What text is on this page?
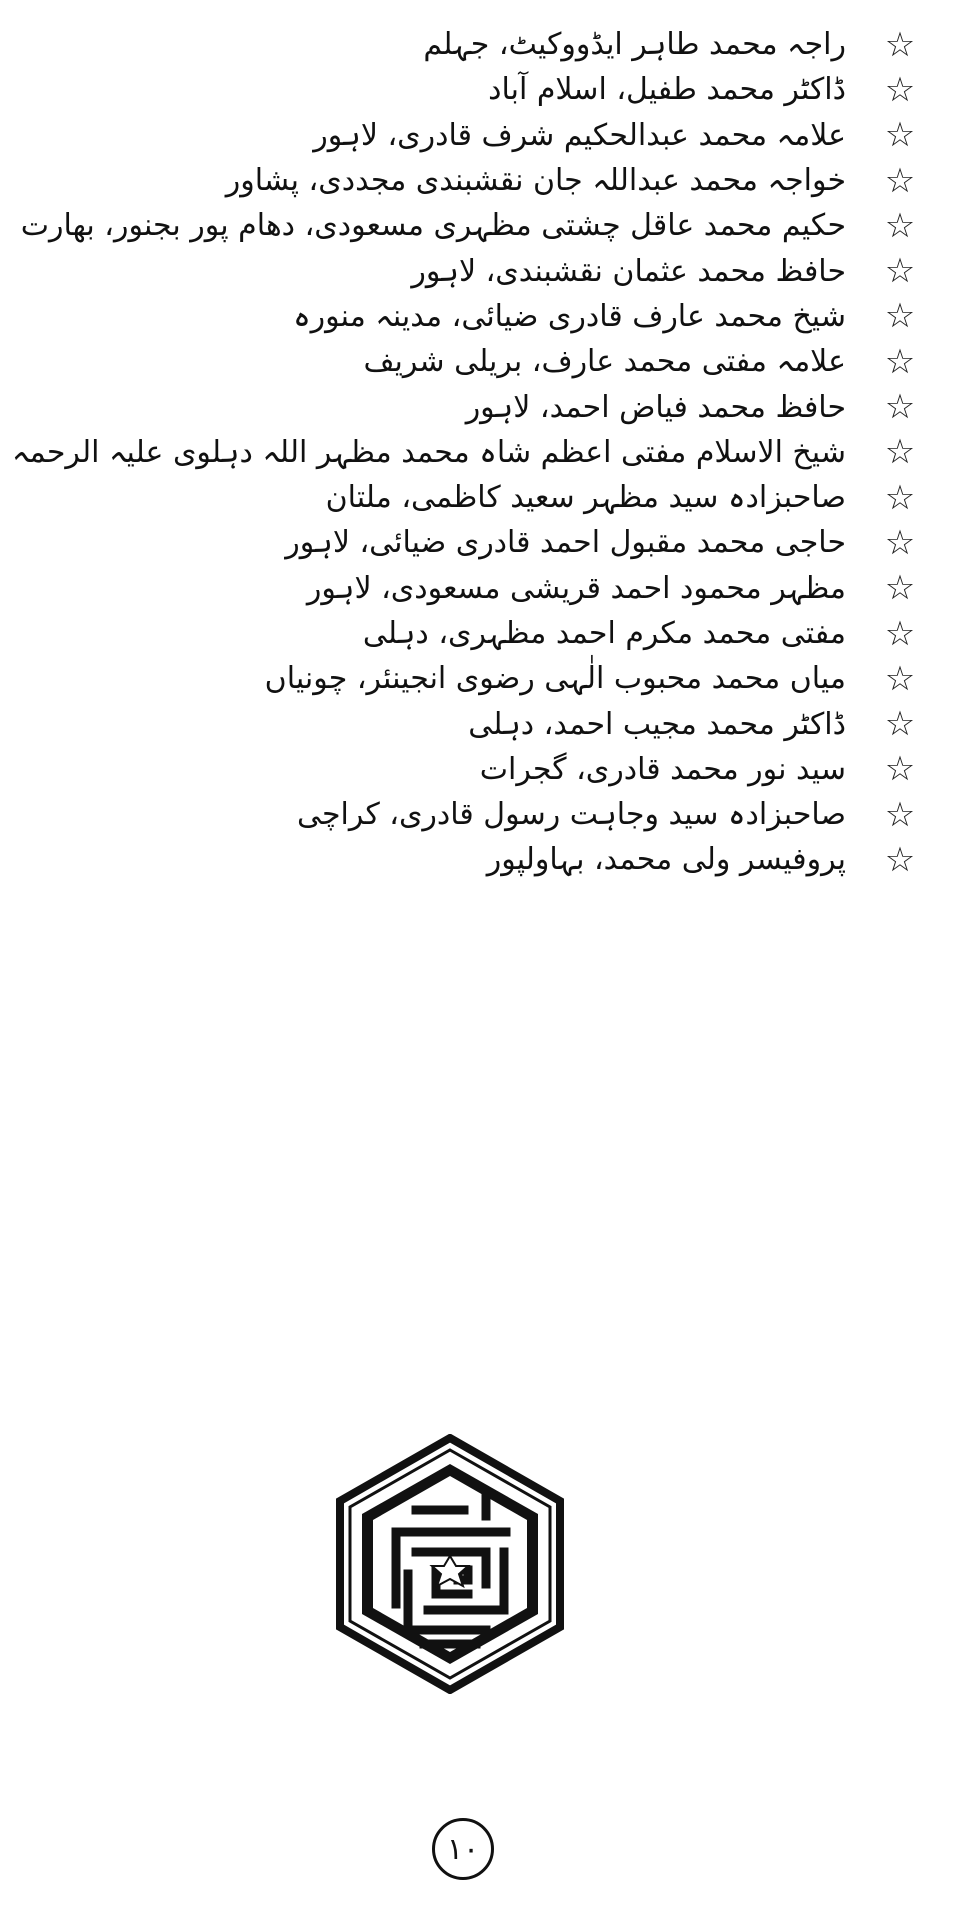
☆
راجہ محمد طاہر ایڈووکیٹ، جہلم
☆
ڈاکٹر محمد طفیل، اسلام آباد
☆
علامہ محمد عبدالحکیم شرف قادری، لاہور
☆
خواجہ محمد عبداللہ جان نقشبندی مجددی، پشاور
☆
حکیم محمد عاقل چشتی مظہری مسعودی، دھام پور بجنور، بھارت
☆
حافظ محمد عثمان نقشبندی، لاہور
☆
شیخ محمد عارف قادری ضیائی، مدینہ منورہ
☆
علامہ مفتی محمد عارف، بریلی شریف
☆
حافظ محمد فیاض احمد، لاہور
☆
شیخ الاسلام مفتی اعظم شاہ محمد مظہر اللہ دہلوی علیہ الرحمہ
☆
صاحبزادہ سید مظہر سعید کاظمی، ملتان
☆
حاجی محمد مقبول احمد قادری ضیائی، لاہور
☆
مظہر محمود احمد قریشی مسعودی، لاہور
☆
مفتی محمد مکرم احمد مظہری، دہلی
☆
میاں محمد محبوب الٰہی رضوی انجینئر، چونیاں
☆
ڈاکٹر محمد مجیب احمد، دہلی
☆
سید نور محمد قادری، گجرات
☆
صاحبزادہ سید وجاہت رسول قادری، کراچی
☆
پروفیسر ولی محمد، بہاولپور
۱۰
